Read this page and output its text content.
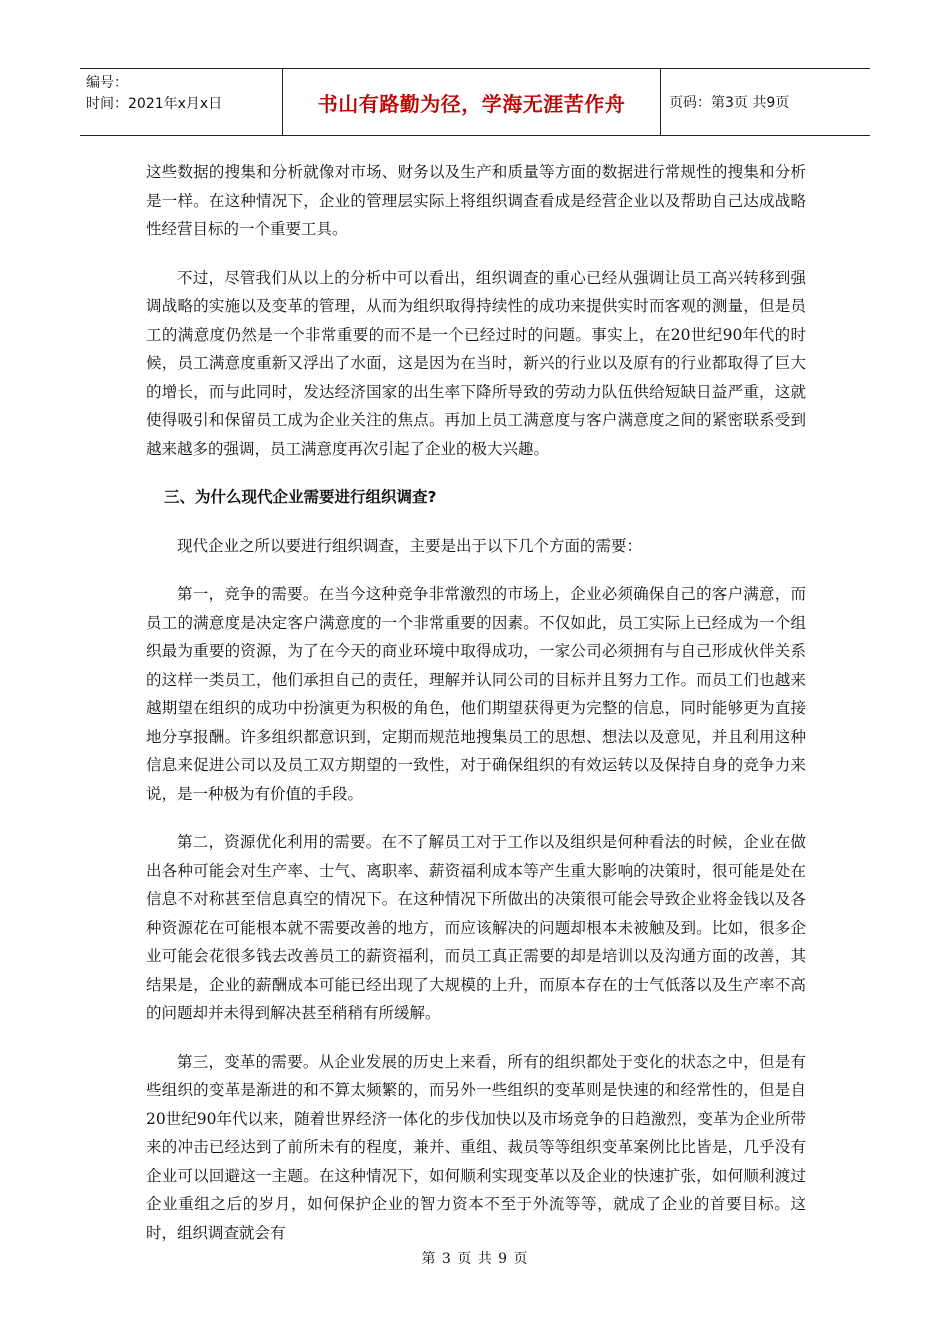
编号：
时间：2021年x月x日	书山有路勤为径，学海无涯苦作舟	页码：第3页 共9页

这些数据的搜集和分析就像对市场、财务以及生产和质量等方面的数据进行常规性的搜集和分析是一样。在这种情况下，企业的管理层实际上将组织调查看成是经营企业以及帮助自己达成战略性经营目标的一个重要工具。

不过，尽管我们从以上的分析中可以看出，组织调查的重心已经从强调让员工高兴转移到强调战略的实施以及变革的管理，从而为组织取得持续性的成功来提供实时而客观的测量，但是员工的满意度仍然是一个非常重要的而不是一个已经过时的问题。事实上，在20世纪90年代的时候，员工满意度重新又浮出了水面，这是因为在当时，新兴的行业以及原有的行业都取得了巨大的增长，而与此同时，发达经济国家的出生率下降所导致的劳动力队伍供给短缺日益严重，这就使得吸引和保留员工成为企业关注的焦点。再加上员工满意度与客户满意度之间的紧密联系受到越来越多的强调，员工满意度再次引起了企业的极大兴趣。

三、为什么现代企业需要进行组织调查?

现代企业之所以要进行组织调查，主要是出于以下几个方面的需要：

第一，竞争的需要。在当今这种竞争非常激烈的市场上，企业必须确保自己的客户满意，而员工的满意度是决定客户满意度的一个非常重要的因素。不仅如此，员工实际上已经成为一个组织最为重要的资源，为了在今天的商业环境中取得成功，一家公司必须拥有与自己形成伙伴关系的这样一类员工，他们承担自己的责任，理解并认同公司的目标并且努力工作。而员工们也越来越期望在组织的成功中扮演更为积极的角色，他们期望获得更为完整的信息，同时能够更为直接地分享报酬。许多组织都意识到，定期而规范地搜集员工的思想、想法以及意见，并且利用这种信息来促进公司以及员工双方期望的一致性，对于确保组织的有效运转以及保持自身的竞争力来说，是一种极为有价值的手段。

第二，资源优化利用的需要。在不了解员工对于工作以及组织是何种看法的时候，企业在做出各种可能会对生产率、士气、离职率、薪资福利成本等产生重大影响的决策时，很可能是处在信息不对称甚至信息真空的情况下。在这种情况下所做出的决策很可能会导致企业将金钱以及各种资源花在可能根本就不需要改善的地方，而应该解决的问题却根本未被触及到。比如，很多企业可能会花很多钱去改善员工的薪资福利，而员工真正需要的却是培训以及沟通方面的改善，其结果是，企业的薪酬成本可能已经出现了大规模的上升，而原本存在的士气低落以及生产率不高的问题却并未得到解决甚至稍稍有所缓解。

第三，变革的需要。从企业发展的历史上来看，所有的组织都处于变化的状态之中，但是有些组织的变革是渐进的和不算太频繁的，而另外一些组织的变革则是快速的和经常性的，但是自20世纪90年代以来，随着世界经济一体化的步伐加快以及市场竞争的日趋激烈，变革为企业所带来的冲击已经达到了前所未有的程度，兼并、重组、裁员等等组织变革案例比比皆是，几乎没有企业可以回避这一主题。在这种情况下，如何顺利实现变革以及企业的快速扩张，如何顺利渡过企业重组之后的岁月，如何保护企业的智力资本不至于外流等等，就成了企业的首要目标。这时，组织调查就会有

第 3 页 共 9 页
